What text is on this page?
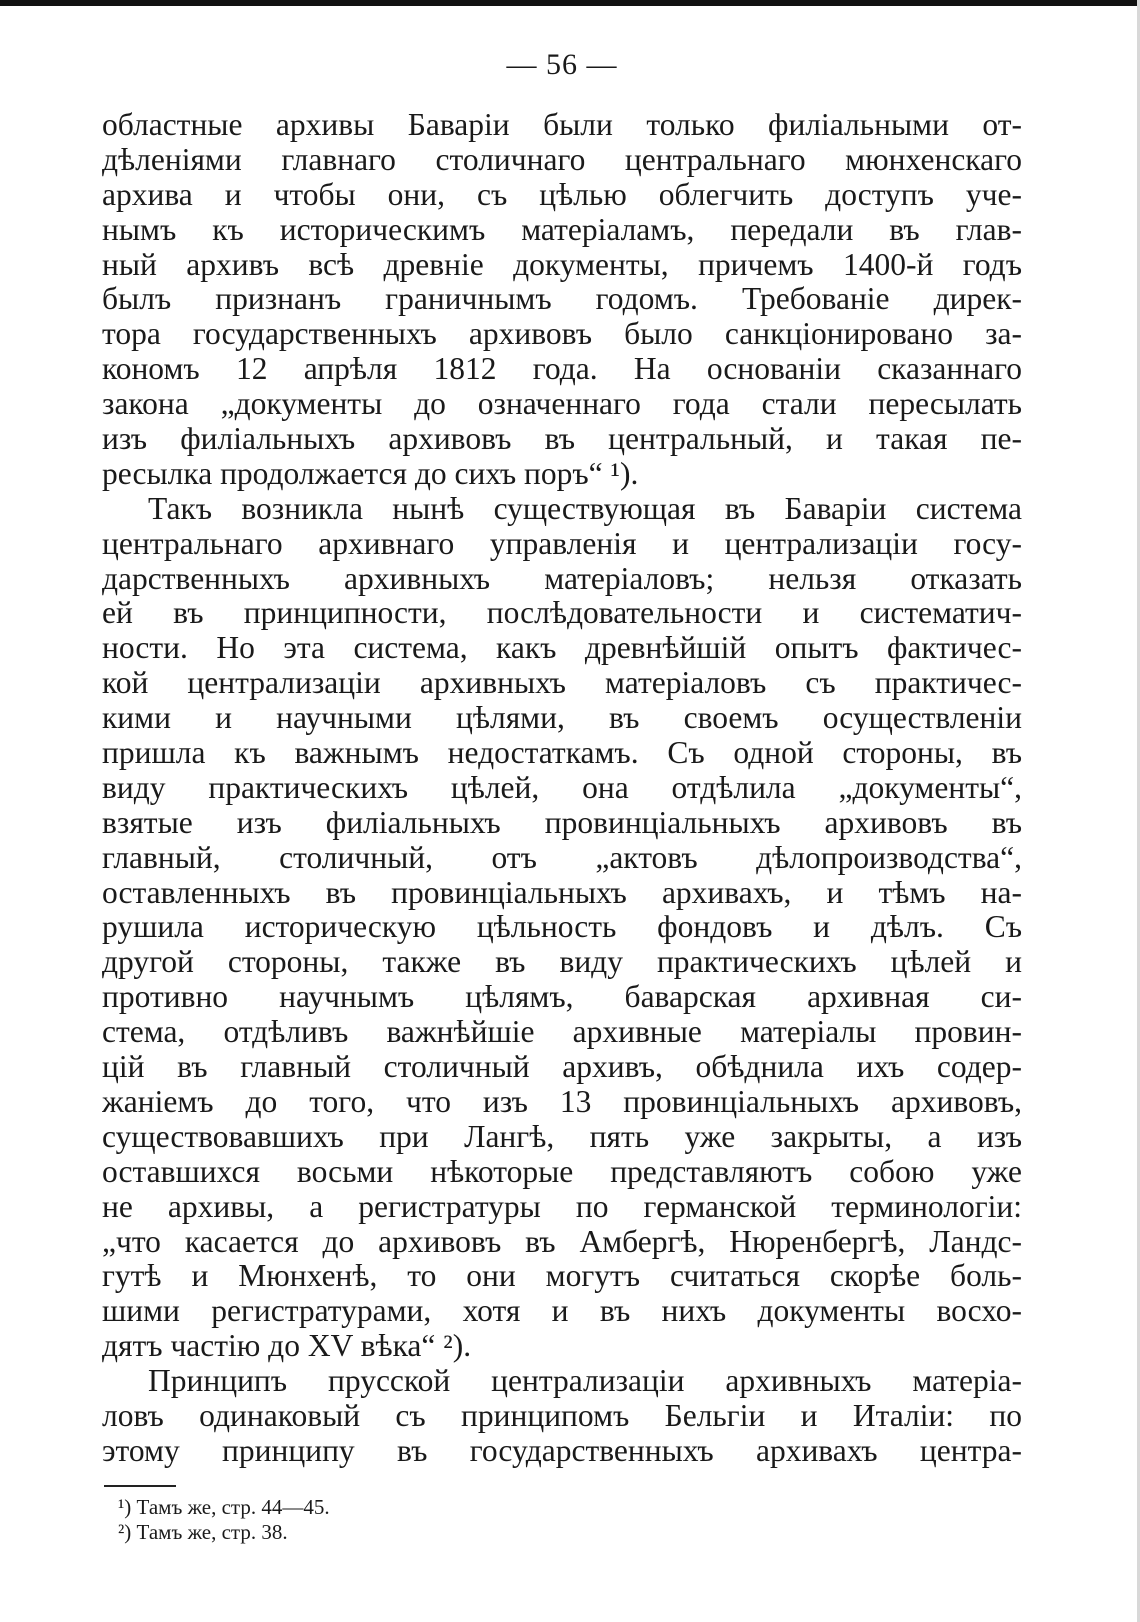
— 56 —
областные архивы Баварiи были только филiальными от-
дѣленiями главнаго столичнаго центральнаго мюнхенскаго
архива и чтобы они, съ цѣлью облегчить доступъ уче-
нымъ къ историческимъ матерiаламъ, передали въ глав-
ный архивъ всѣ древнiе документы, причемъ 1400-й годъ
былъ признанъ граничнымъ годомъ. Требованiе дирек-
тора государственныхъ архивовъ было санкцiонировано за-
кономъ 12 апрѣля 1812 года. На основанiи сказаннаго
закона „документы до означеннаго года стали пересылать
изъ филiальныхъ архивовъ въ центральный, и такая пе-
ресылка продолжается до сихъ поръ“ ¹).
Такъ возникла нынѣ существующая въ Баварiи система
центральнаго архивнаго управленiя и централизацiи госу-
дарственныхъ архивныхъ матерiаловъ; нельзя отказать
ей въ принципности, послѣдовательности и систематич-
ности. Но эта система, какъ древнѣйшiй опытъ фактичес-
кой централизацiи архивныхъ матерiаловъ съ практичес-
кими и научными цѣлями, въ своемъ осуществленiи
пришла къ важнымъ недостаткамъ. Съ одной стороны, въ
виду практическихъ цѣлей, она отдѣлила „документы“,
взятые изъ филiальныхъ провинцiальныхъ архивовъ въ
главный, столичный, отъ „актовъ дѣлопроизводства“,
оставленныхъ въ провинцiальныхъ архивахъ, и тѣмъ на-
рушила историческую цѣльность фондовъ и дѣлъ. Съ
другой стороны, также въ виду практическихъ цѣлей и
противно научнымъ цѣлямъ, баварская архивная си-
стема, отдѣливъ важнѣйшiе архивные матерiалы провин-
цiй въ главный столичный архивъ, обѣднила ихъ содер-
жанiемъ до того, что изъ 13 провинцiальныхъ архивовъ,
существовавшихъ при Лангѣ, пять уже закрыты, а изъ
оставшихся восьми нѣкоторые представляютъ собою уже
не архивы, а регистратуры по германской терминологiи:
„что касается до архивовъ въ Амбергѣ, Нюренбергѣ, Ландс-
гутѣ и Мюнхенѣ, то они могутъ считаться скорѣе боль-
шими регистратурами, хотя и въ нихъ документы восхо-
дятъ частiю до XV вѣка“ ²).
Принципъ прусской централизацiи архивныхъ матерiа-
ловъ одинаковый съ принципомъ Бельгiи и Италiи: по
этому принципу въ государственныхъ архивахъ центра-
¹) Тамъ же, стр. 44—45.
²) Тамъ же, стр. 38.
